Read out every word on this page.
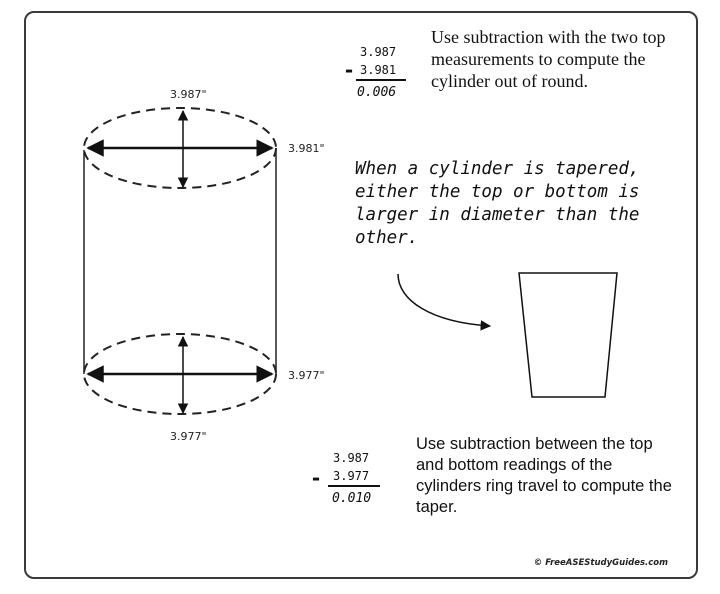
3.987"
3.981"
3.977"
3.977"
3.987
- 3.981
0.006
3.987
- 3.977
0.010
Use subtraction with the two top measurements to compute the cylinder out of round.
When a cylinder is tapered, either the top or bottom is larger in diameter than the other.
Use subtraction between the top and bottom readings of the cylinders ring travel to compute the taper.
© FreeASEStudyGuides.com
